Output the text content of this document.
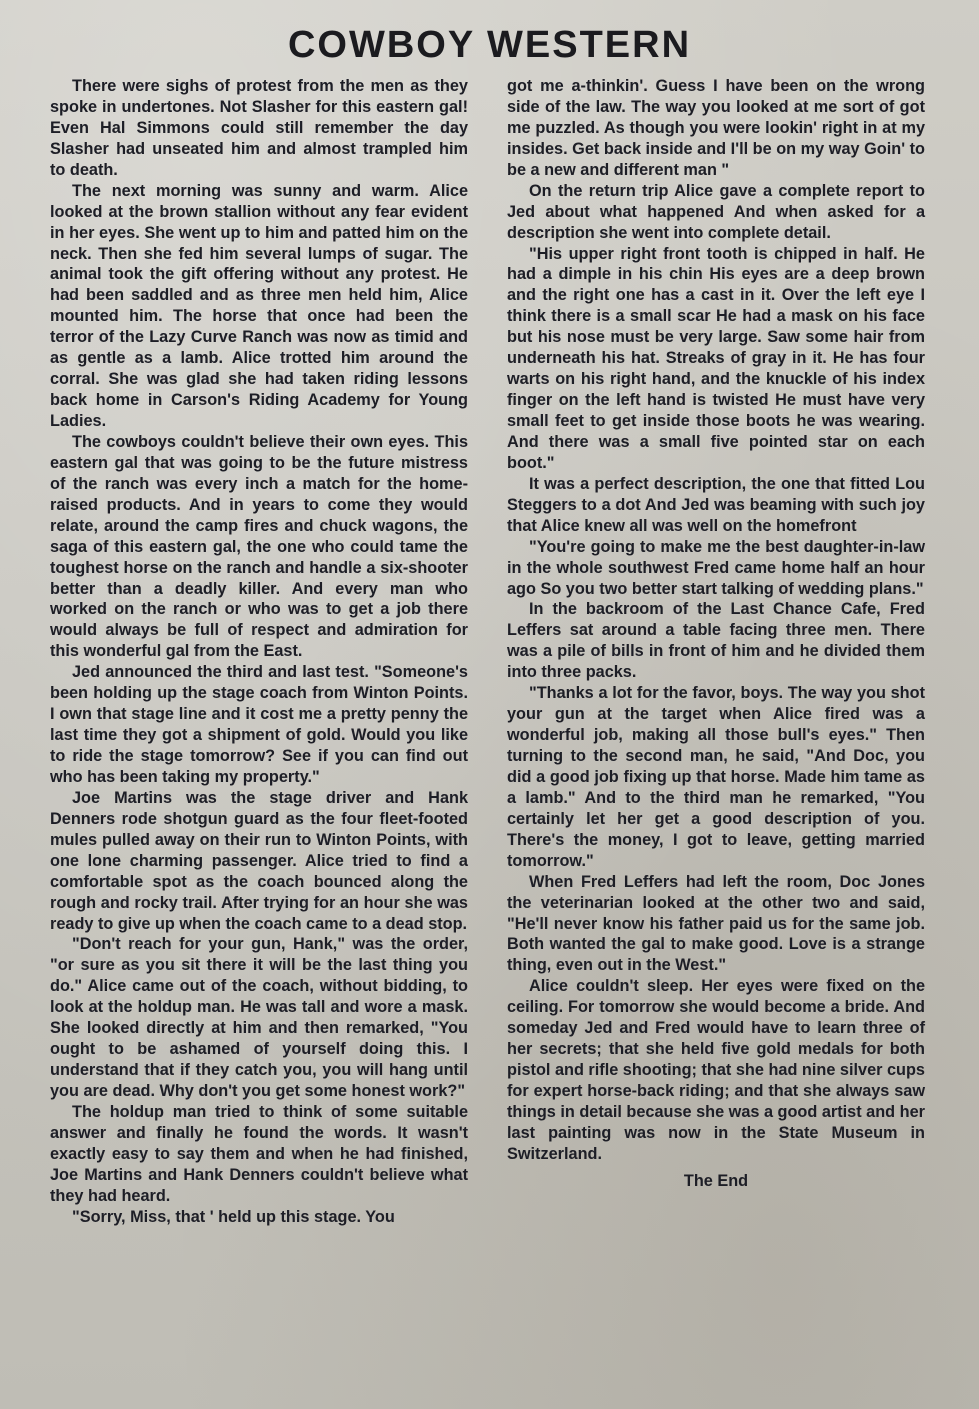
COWBOY WESTERN

There were sighs of protest from the men as they spoke in undertones. Not Slasher for this eastern gal! Even Hal Simmons could still remember the day Slasher had unseated him and almost trampled him to death.

The next morning was sunny and warm. Alice looked at the brown stallion without any fear evident in her eyes. She went up to him and patted him on the neck. Then she fed him several lumps of sugar. The animal took the gift offering without any protest. He had been saddled and as three men held him, Alice mounted him. The horse that once had been the terror of the Lazy Curve Ranch was now as timid and as gentle as a lamb. Alice trotted him around the corral. She was glad she had taken riding lessons back home in Carson's Riding Academy for Young Ladies.

The cowboys couldn't believe their own eyes. This eastern gal that was going to be the future mistress of the ranch was every inch a match for the home-raised products. And in years to come they would relate, around the camp fires and chuck wagons, the saga of this eastern gal, the one who could tame the toughest horse on the ranch and handle a six-shooter better than a deadly killer. And every man who worked on the ranch or who was to get a job there would always be full of respect and admiration for this wonderful gal from the East.

Jed announced the third and last test. "Someone's been holding up the stage coach from Winton Points. I own that stage line and it cost me a pretty penny the last time they got a shipment of gold. Would you like to ride the stage tomorrow? See if you can find out who has been taking my property."

Joe Martins was the stage driver and Hank Denners rode shotgun guard as the four fleet-footed mules pulled away on their run to Winton Points, with one lone charming passenger. Alice tried to find a comfortable spot as the coach bounced along the rough and rocky trail. After trying for an hour she was ready to give up when the coach came to a dead stop.

"Don't reach for your gun, Hank," was the order, "or sure as you sit there it will be the last thing you do." Alice came out of the coach, without bidding, to look at the holdup man. He was tall and wore a mask. She looked directly at him and then remarked, "You ought to be ashamed of yourself doing this. I understand that if they catch you, you will hang until you are dead. Why don't you get some honest work?"

The holdup man tried to think of some suitable answer and finally he found the words. It wasn't exactly easy to say them and when he had finished, Joe Martins and Hank Denners couldn't believe what they had heard.

"Sorry, Miss, that ' held up this stage. You

got me a-thinkin'. Guess I have been on the wrong side of the law. The way you looked at me sort of got me puzzled. As though you were lookin' right in at my insides. Get back inside and I'll be on my way Goin' to be a new and different man "

On the return trip Alice gave a complete report to Jed about what happened And when asked for a description she went into complete detail.

"His upper right front tooth is chipped in half. He had a dimple in his chin His eyes are a deep brown and the right one has a cast in it. Over the left eye I think there is a small scar He had a mask on his face but his nose must be very large. Saw some hair from underneath his hat. Streaks of gray in it. He has four warts on his right hand, and the knuckle of his index finger on the left hand is twisted He must have very small feet to get inside those boots he was wearing. And there was a small five pointed star on each boot."

It was a perfect description, the one that fitted Lou Steggers to a dot And Jed was beaming with such joy that Alice knew all was well on the homefront

"You're going to make me the best daughter-in-law in the whole southwest Fred came home half an hour ago So you two better start talking of wedding plans."

In the backroom of the Last Chance Cafe, Fred Leffers sat around a table facing three men. There was a pile of bills in front of him and he divided them into three packs.

"Thanks a lot for the favor, boys. The way you shot your gun at the target when Alice fired was a wonderful job, making all those bull's eyes." Then turning to the second man, he said, "And Doc, you did a good job fixing up that horse. Made him tame as a lamb." And to the third man he remarked, "You certainly let her get a good description of you. There's the money, I got to leave, getting married tomorrow."

When Fred Leffers had left the room, Doc Jones the veterinarian looked at the other two and said, "He'll never know his father paid us for the same job. Both wanted the gal to make good. Love is a strange thing, even out in the West."

Alice couldn't sleep. Her eyes were fixed on the ceiling. For tomorrow she would become a bride. And someday Jed and Fred would have to learn three of her secrets; that she held five gold medals for both pistol and rifle shooting; that she had nine silver cups for expert horse-back riding; and that she always saw things in detail because she was a good artist and her last painting was now in the State Museum in Switzerland.

The End
